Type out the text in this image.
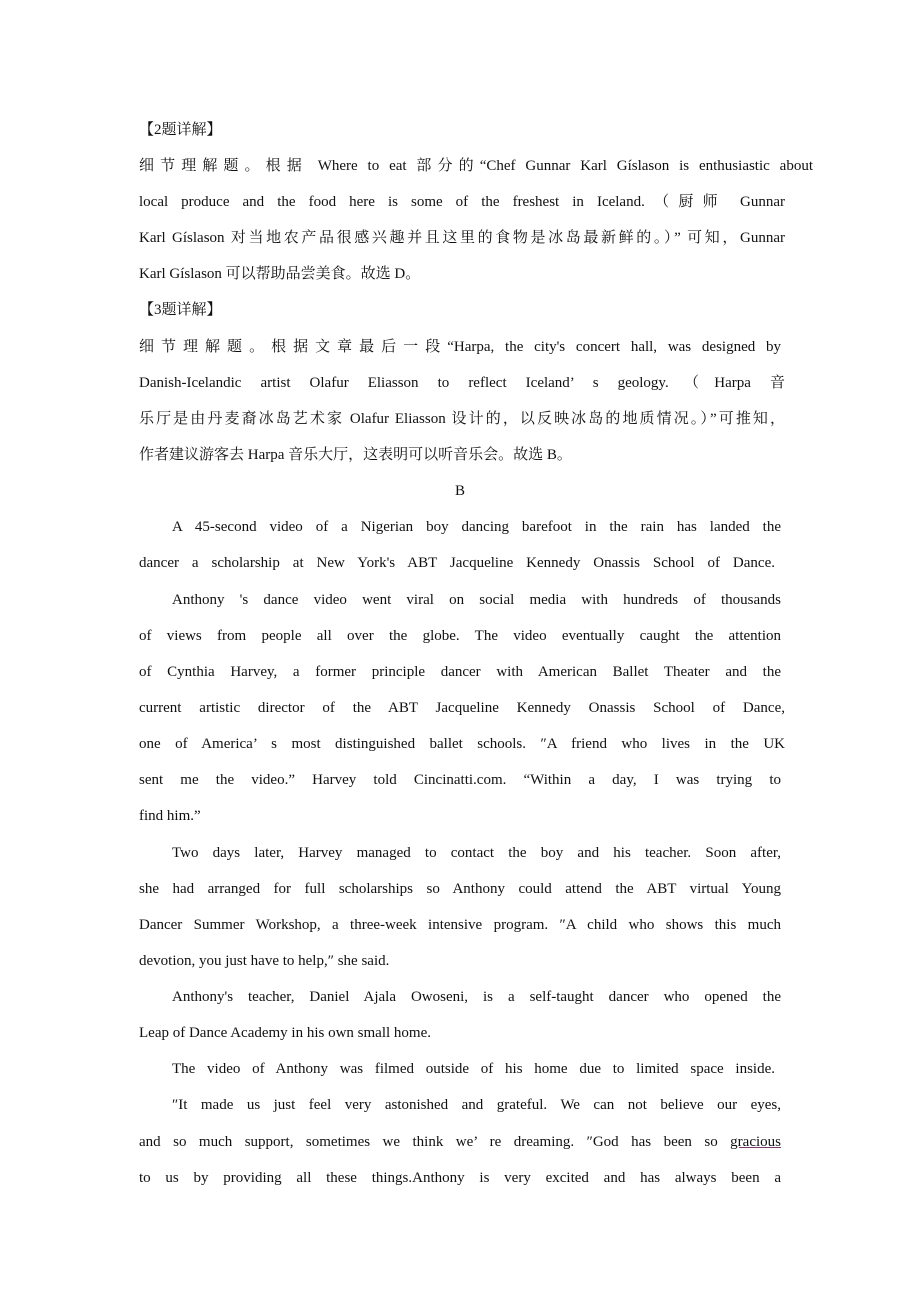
【2题详解】
细节理解题。根据 Where to eat 部分的“Chef Gunnar Karl Gíslason is enthusiastic about
local produce and the food here is some of the freshest in Iceland.（厨师 Gunnar
Karl Gíslason 对当地农产品很感兴趣并且这里的食物是冰岛最新鲜的。）” 可知，Gunnar
Karl Gíslason 可以帮助品尝美食。故选 D。
【3题详解】
细节理解题。根据文章最后一段“Harpa, the city's concert hall, was designed by
Danish-Icelandic artist Olafur Eliasson to reflect Iceland’ s geology.（Harpa 音
乐厅是由丹麦裔冰岛艺术家 Olafur Eliasson 设计的，以反映冰岛的地质情况。）”可推知，
作者建议游客去 Harpa 音乐大厅，这表明可以听音乐会。故选 B。
B
A 45-second video of a Nigerian boy dancing barefoot in the rain has landed the
dancer a scholarship at New York's ABT Jacqueline Kennedy Onassis School of Dance.
Anthony 's dance video went viral on social media with hundreds of thousands
of views from people all over the globe. The video eventually caught the attention
of Cynthia Harvey, a former principle dancer with American Ballet Theater and the
current artistic director of the ABT Jacqueline Kennedy Onassis School of Dance,
one of America’ s most distinguished ballet schools. ″A friend who lives in the UK
sent me the video.” Harvey told Cincinatti.com. “Within a day, I was trying to
find him.”
Two days later, Harvey managed to contact the boy and his teacher. Soon after,
she had arranged for full scholarships so Anthony could attend the ABT virtual Young
Dancer Summer Workshop, a three-week intensive program. ″A child who shows this much
devotion, you just have to help,″ she said.
Anthony's teacher, Daniel Ajala Owoseni, is a self-taught dancer who opened the
Leap of Dance Academy in his own small home.
The video of Anthony was filmed outside of his home due to limited space inside.
″It made us just feel very astonished and grateful. We can not believe our eyes,
and so much support, sometimes we think we’ re dreaming. ″God has been so gracious
to us by providing all these things.Anthony is very excited and has always been a
